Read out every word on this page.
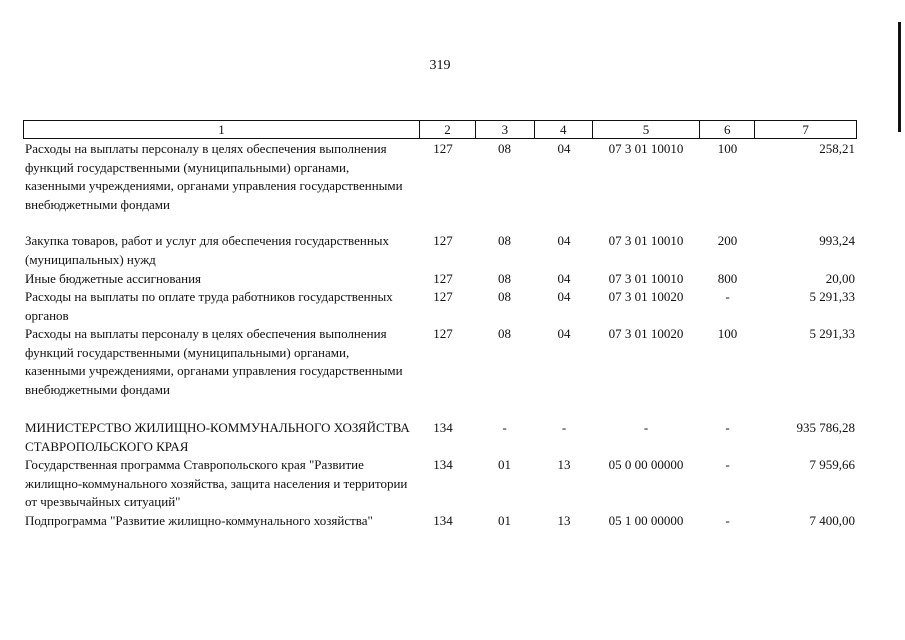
319
1	2	3	4	5	6	7
Расходы на выплаты персоналу в целях обеспечения выполнения функций государственными (муниципальными) органами, казенными учреждениями, органами управления государственными внебюджетными фондами
127	08	04	07 3 01 10010	100	258,21
Закупка товаров, работ и услуг для обеспечения государственных (муниципальных) нужд
127	08	04	07 3 01 10010	200	993,24
Иные бюджетные ассигнования	127	08	04	07 3 01 10010	800	20,00
Расходы на выплаты по оплате труда работников государственных органов
127	08	04	07 3 01 10020	-	5 291,33
Расходы на выплаты персоналу в целях обеспечения выполнения функций государственными (муниципальными) органами, казенными учреждениями, органами управления государственными внебюджетными фондами
127	08	04	07 3 01 10020	100	5 291,33
МИНИСТЕРСТВО ЖИЛИЩНО-КОММУНАЛЬНОГО ХОЗЯЙСТВА СТАВРОПОЛЬСКОГО КРАЯ
134	-	-	-	-	935 786,28
Государственная программа Ставропольского края "Развитие жилищно-коммунального хозяйства, защита населения и территории от чрезвычайных ситуаций"
134	01	13	05 0 00 00000	-	7 959,66
Подпрограмма "Развитие жилищно-коммунального хозяйства"	134	01	13	05 1 00 00000	-	7 400,00
